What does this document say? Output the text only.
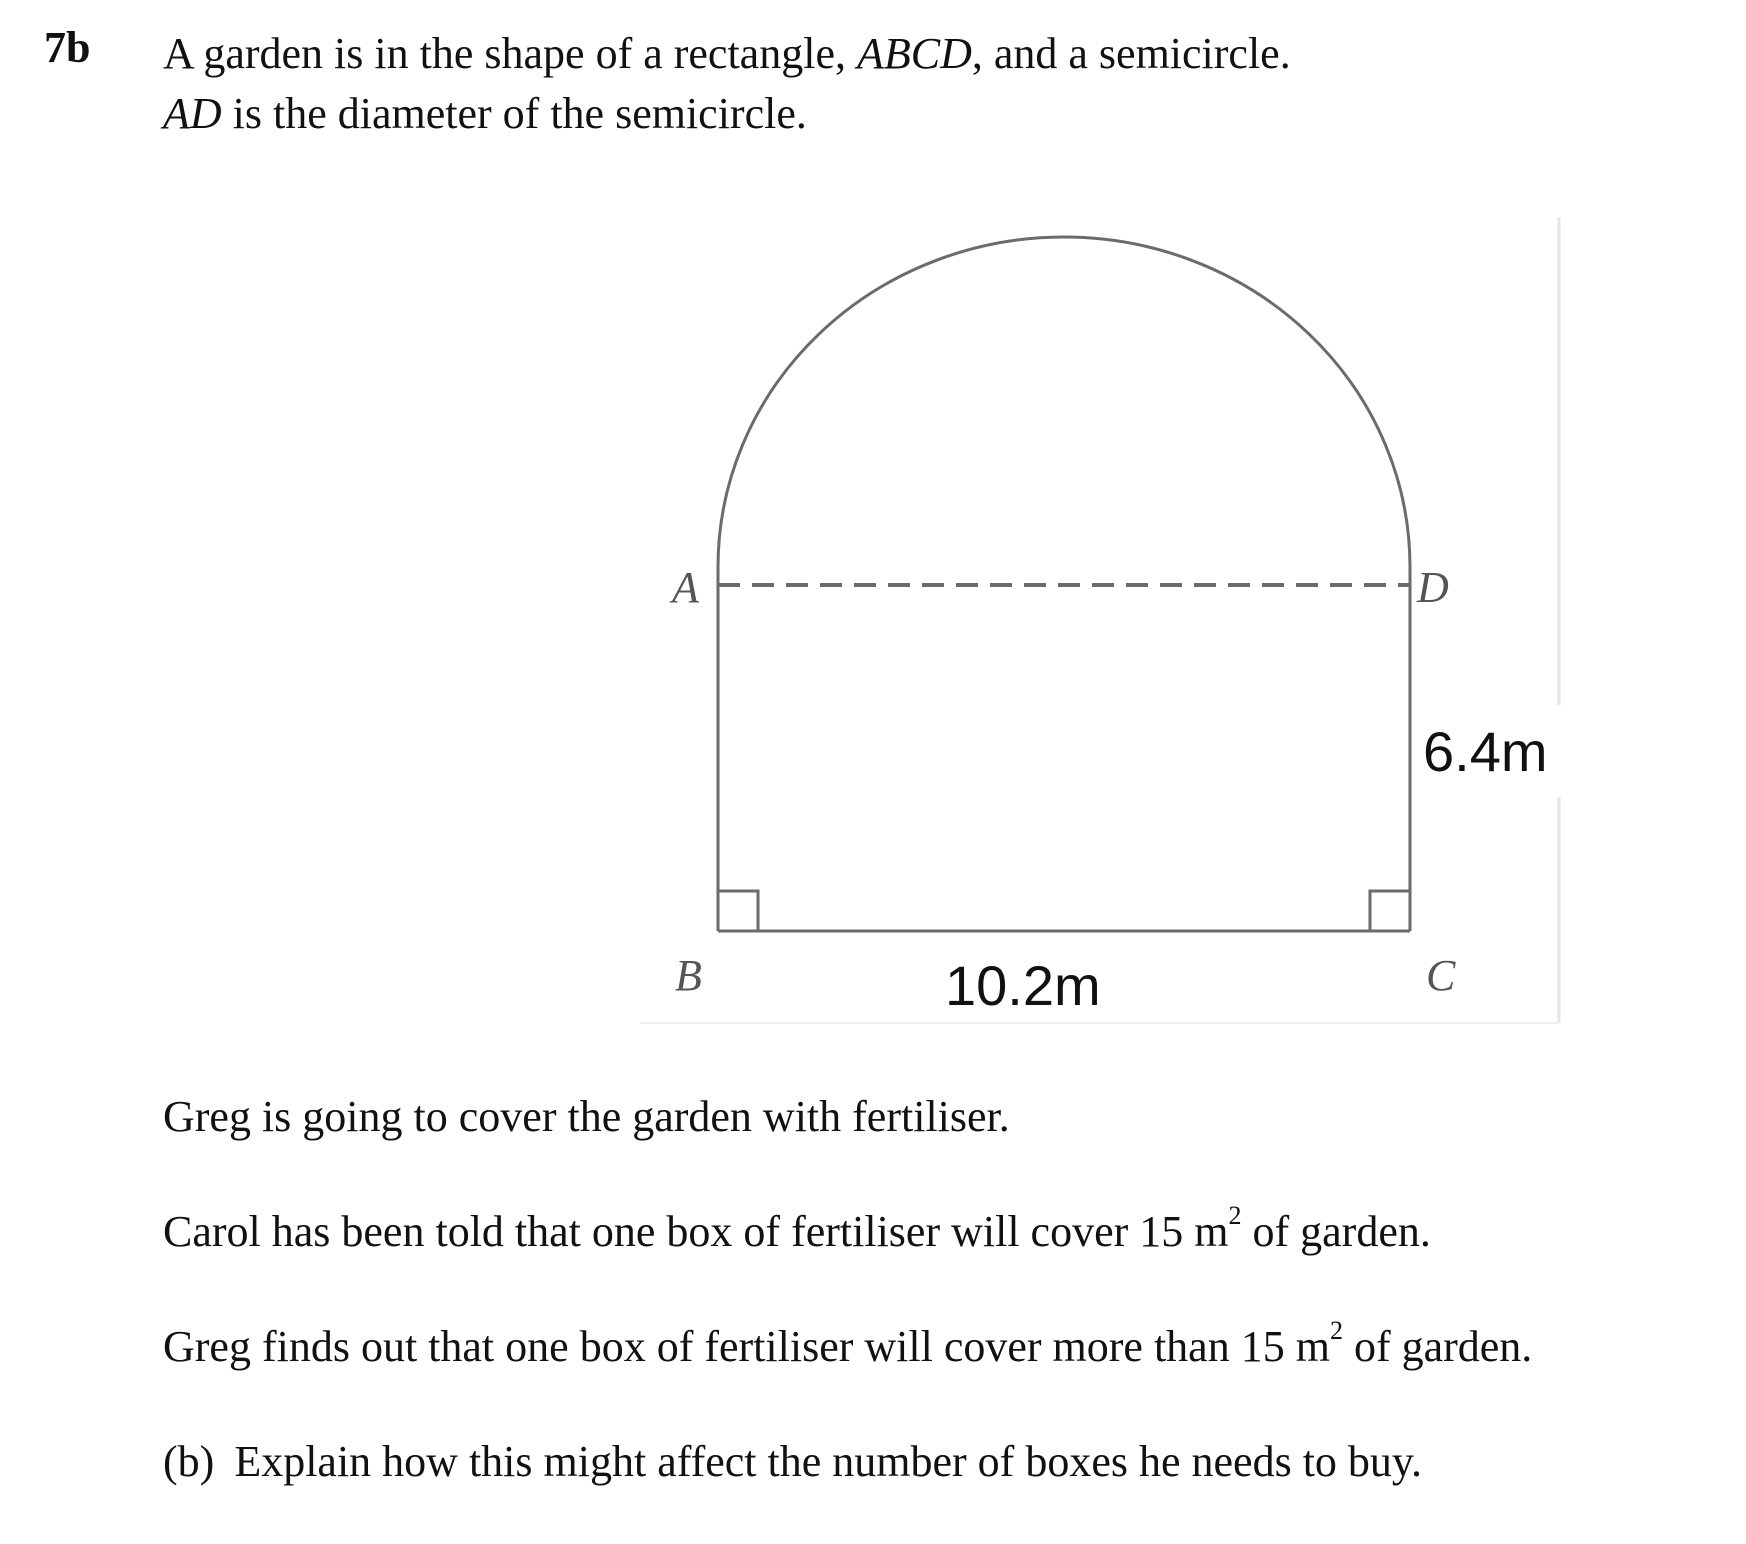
7b A garden is in the shape of a rectangle, ABCD, and a semicircle.
AD is the diameter of the semicircle.
A
B	C
D
6.4m
10.2m
Greg is going to cover the garden with fertiliser.
Carol has been told that one box of fertiliser will cover 15 $m^2$ of garden.
Greg finds out that one box of fertiliser will cover more than 15 $m^2$ of garden.
(b) Explain how this might affect the number of boxes he needs to buy.
